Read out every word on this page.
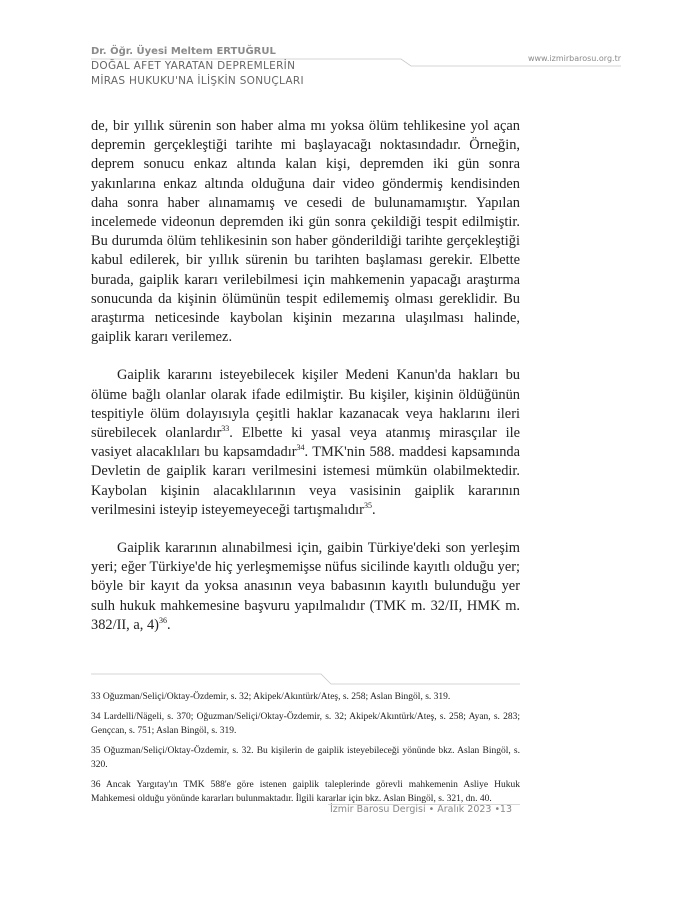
Dr. Öğr. Üyesi Meltem ERTUĞRUL
DOĞAL AFET YARATAN DEPREMLERİN
MİRAS HUKUKU'NA İLİŞKİN SONUÇLARI
www.izmirbarosu.org.tr

de, bir yıllık sürenin son haber alma mı yoksa ölüm tehlikesine yol açan depremin gerçekleştiği tarihte mi başlayacağı noktasındadır. Örneğin, deprem sonucu enkaz altında kalan kişi, depremden iki gün sonra yakınlarına enkaz altında olduğuna dair video göndermiş kendisinden daha sonra haber alınamamış ve cesedi de bulunamamıştır. Yapılan incelemede videonun depremden iki gün sonra çekildiği tespit edilmiştir. Bu durumda ölüm tehlikesinin son haber gönderildiği tarihte gerçekleştiği kabul edilerek, bir yıllık sürenin bu tarihten başlaması gerekir. Elbette burada, gaiplik kararı verilebilmesi için mahkemenin yapacağı araştırma sonucunda da kişinin ölümünün tespit edilememiş olması gereklidir. Bu araştırma neticesinde kaybolan kişinin mezarına ulaşılması halinde, gaiplik kararı verilemez.

Gaiplik kararını isteyebilecek kişiler Medeni Kanun'da hakları bu ölüme bağlı olanlar olarak ifade edilmiştir. Bu kişiler, kişinin öldüğünün tespitiyle ölüm dolayısıyla çeşitli haklar kazanacak veya haklarını ileri sürebilecek olanlardır$^{33}$. Elbette ki yasal veya atanmış mirasçılar ile vasiyet alacaklıları bu kapsamdadır$^{34}$. TMK'nin 588. maddesi kapsamında Devletin de gaiplik kararı verilmesini istemesi mümkün olabilmektedir. Kaybolan kişinin alacaklılarının veya vasisinin gaiplik kararının verilmesini isteyip isteyemeyeceği tartışmalıdır$^{35}$.

Gaiplik kararının alınabilmesi için, gaibin Türkiye'deki son yerleşim yeri; eğer Türkiye'de hiç yerleşmemişse nüfus sicilinde kayıtlı olduğu yer; böyle bir kayıt da yoksa anasının veya babasının kayıtlı bulunduğu yer sulh hukuk mahkemesine başvuru yapılmalıdır (TMK m. 32/II, HMK m. 382/II, a, 4)$^{36}$.

33 Oğuzman/Seliçi/Oktay-Özdemir, s. 32; Akipek/Akıntürk/Ateş, s. 258; Aslan Bingöl, s. 319.

34 Lardelli/Nägeli, s. 370; Oğuzman/Seliçi/Oktay-Özdemir, s. 32; Akipek/Akıntürk/Ateş, s. 258; Ayan, s. 283; Gençcan, s. 751; Aslan Bingöl, s. 319.

35 Oğuzman/Seliçi/Oktay-Özdemir, s. 32. Bu kişilerin de gaiplik isteyebileceği yönünde bkz. Aslan Bingöl, s. 320.

36 Ancak Yargıtay'ın TMK 588'e göre istenen gaiplik taleplerinde görevli mahkemenin Asliye Hukuk Mahkemesi olduğu yönünde kararları bulunmaktadır. İlgili kararlar için bkz. Aslan Bingöl, s. 321, dn. 40.

İzmir Barosu Dergisi • Aralık 2023 • 13
